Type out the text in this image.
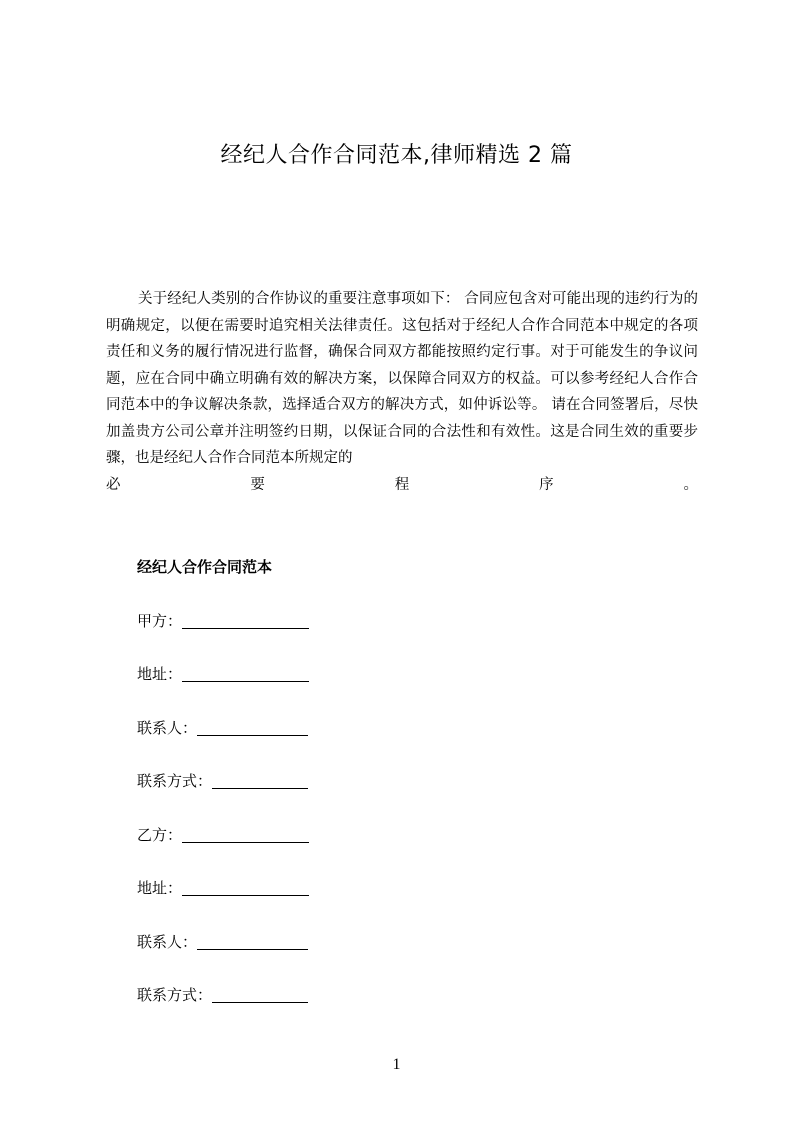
经纪人合作合同范本,律师精选 2 篇
关于经纪人类别的合作协议的重要注意事项如下： 合同应包含对可能出现的违约行为的明确规定，以便在需要时追究相关法律责任。这包括对于经纪人合作合同范本中规定的各项责任和义务的履行情况进行监督，确保合同双方都能按照约定行事。对于可能发生的争议问题，应在合同中确立明确有效的解决方案，以保障合同双方的权益。可以参考经纪人合作合同范本中的争议解决条款，选择适合双方的解决方式，如仲诉讼等。 请在合同签署后，尽快加盖贵方公司公章并注明签约日期，以保证合同的合法性和有效性。这是合同生效的重要步骤，也是经纪人合作合同范本所规定的
必	要	程	序	。
经纪人合作合同范本
甲方：
地址：
联系人：
联系方式：
乙方：
地址：
联系人：
联系方式：
1
